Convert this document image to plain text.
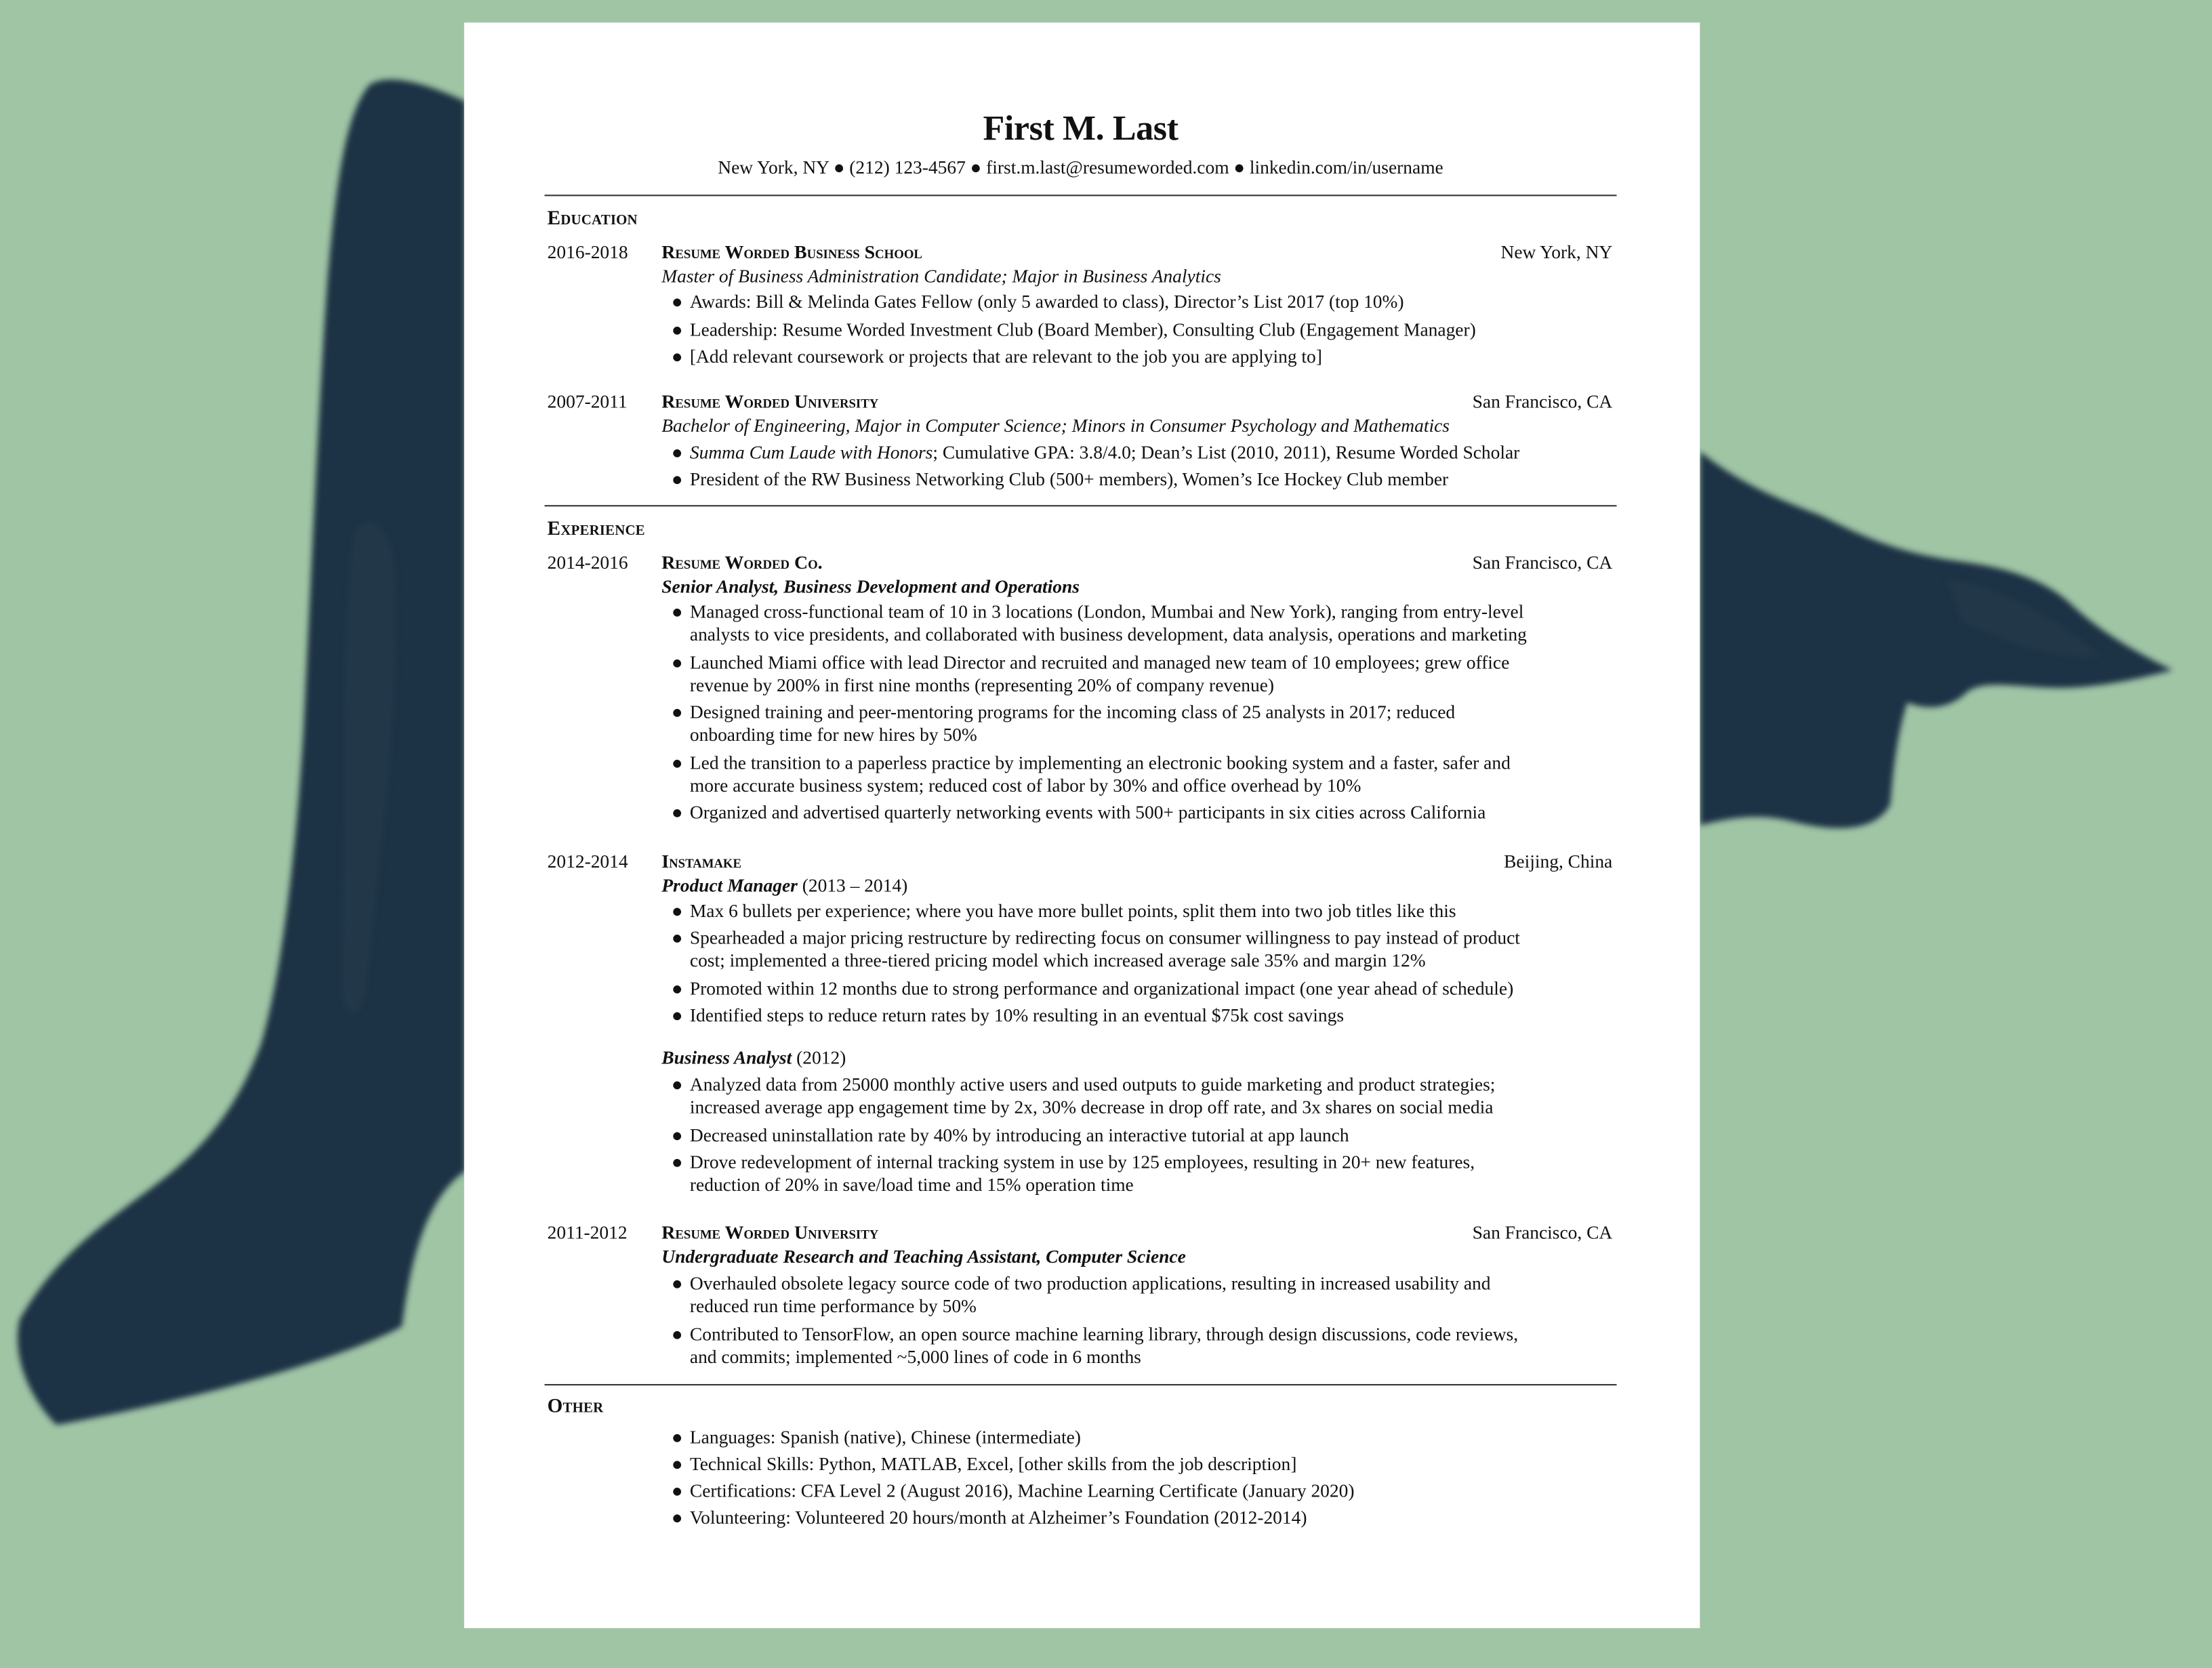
First M. Last
New York, NY ● (212) 123-4567 ● first.m.last@resumeworded.com ● linkedin.com/in/username
Education
2016-2018	Resume Worded Business School	New York, NY
Master of Business Administration Candidate; Major in Business Analytics
● Awards: Bill & Melinda Gates Fellow (only 5 awarded to class), Director’s List 2017 (top 10%)
● Leadership: Resume Worded Investment Club (Board Member), Consulting Club (Engagement Manager)
● [Add relevant coursework or projects that are relevant to the job you are applying to]
2007-2011	Resume Worded University	San Francisco, CA
Bachelor of Engineering, Major in Computer Science; Minors in Consumer Psychology and Mathematics
● Summa Cum Laude with Honors; Cumulative GPA: 3.8/4.0; Dean’s List (2010, 2011), Resume Worded Scholar
● President of the RW Business Networking Club (500+ members), Women’s Ice Hockey Club member
Experience
2014-2016	Resume Worded Co.	San Francisco, CA
Senior Analyst, Business Development and Operations
● Managed cross-functional team of 10 in 3 locations (London, Mumbai and New York), ranging from entry-level
analysts to vice presidents, and collaborated with business development, data analysis, operations and marketing
● Launched Miami office with lead Director and recruited and managed new team of 10 employees; grew office
revenue by 200% in first nine months (representing 20% of company revenue)
● Designed training and peer-mentoring programs for the incoming class of 25 analysts in 2017; reduced
onboarding time for new hires by 50%
● Led the transition to a paperless practice by implementing an electronic booking system and a faster, safer and
more accurate business system; reduced cost of labor by 30% and office overhead by 10%
● Organized and advertised quarterly networking events with 500+ participants in six cities across California
2012-2014	Instamake	Beijing, China
Product Manager (2013 – 2014)
● Max 6 bullets per experience; where you have more bullet points, split them into two job titles like this
● Spearheaded a major pricing restructure by redirecting focus on consumer willingness to pay instead of product
cost; implemented a three-tiered pricing model which increased average sale 35% and margin 12%
● Promoted within 12 months due to strong performance and organizational impact (one year ahead of schedule)
● Identified steps to reduce return rates by 10% resulting in an eventual $75k cost savings
Business Analyst (2012)
● Analyzed data from 25000 monthly active users and used outputs to guide marketing and product strategies;
increased average app engagement time by 2x, 30% decrease in drop off rate, and 3x shares on social media
● Decreased uninstallation rate by 40% by introducing an interactive tutorial at app launch
● Drove redevelopment of internal tracking system in use by 125 employees, resulting in 20+ new features,
reduction of 20% in save/load time and 15% operation time
2011-2012	Resume Worded University	San Francisco, CA
Undergraduate Research and Teaching Assistant, Computer Science
● Overhauled obsolete legacy source code of two production applications, resulting in increased usability and
reduced run time performance by 50%
● Contributed to TensorFlow, an open source machine learning library, through design discussions, code reviews,
and commits; implemented ~5,000 lines of code in 6 months
Other
● Languages: Spanish (native), Chinese (intermediate)
● Technical Skills: Python, MATLAB, Excel, [other skills from the job description]
● Certifications: CFA Level 2 (August 2016), Machine Learning Certificate (January 2020)
● Volunteering: Volunteered 20 hours/month at Alzheimer’s Foundation (2012-2014)
